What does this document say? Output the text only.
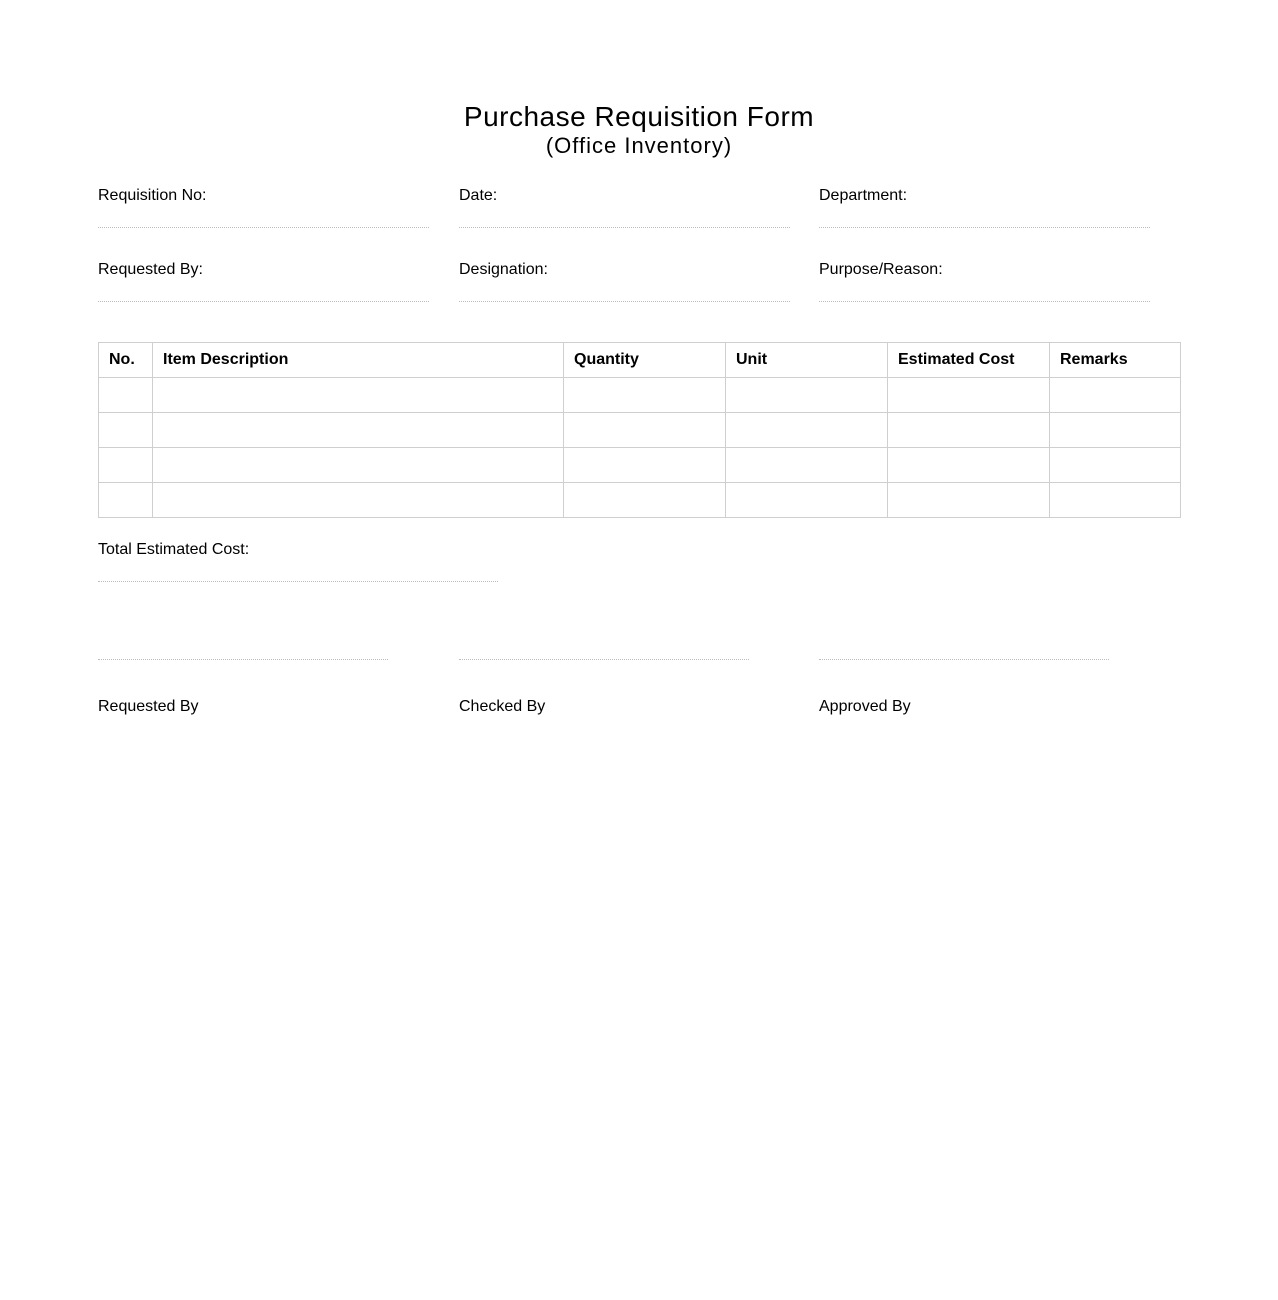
Purchase Requisition Form
(Office Inventory)
Requisition No:	Date:	Department:
Requested By:	Designation:	Purpose/Reason:
No.	Item Description	Quantity	Unit	Estimated Cost	Remarks

Total Estimated Cost:
Requested By	Checked By	Approved By
